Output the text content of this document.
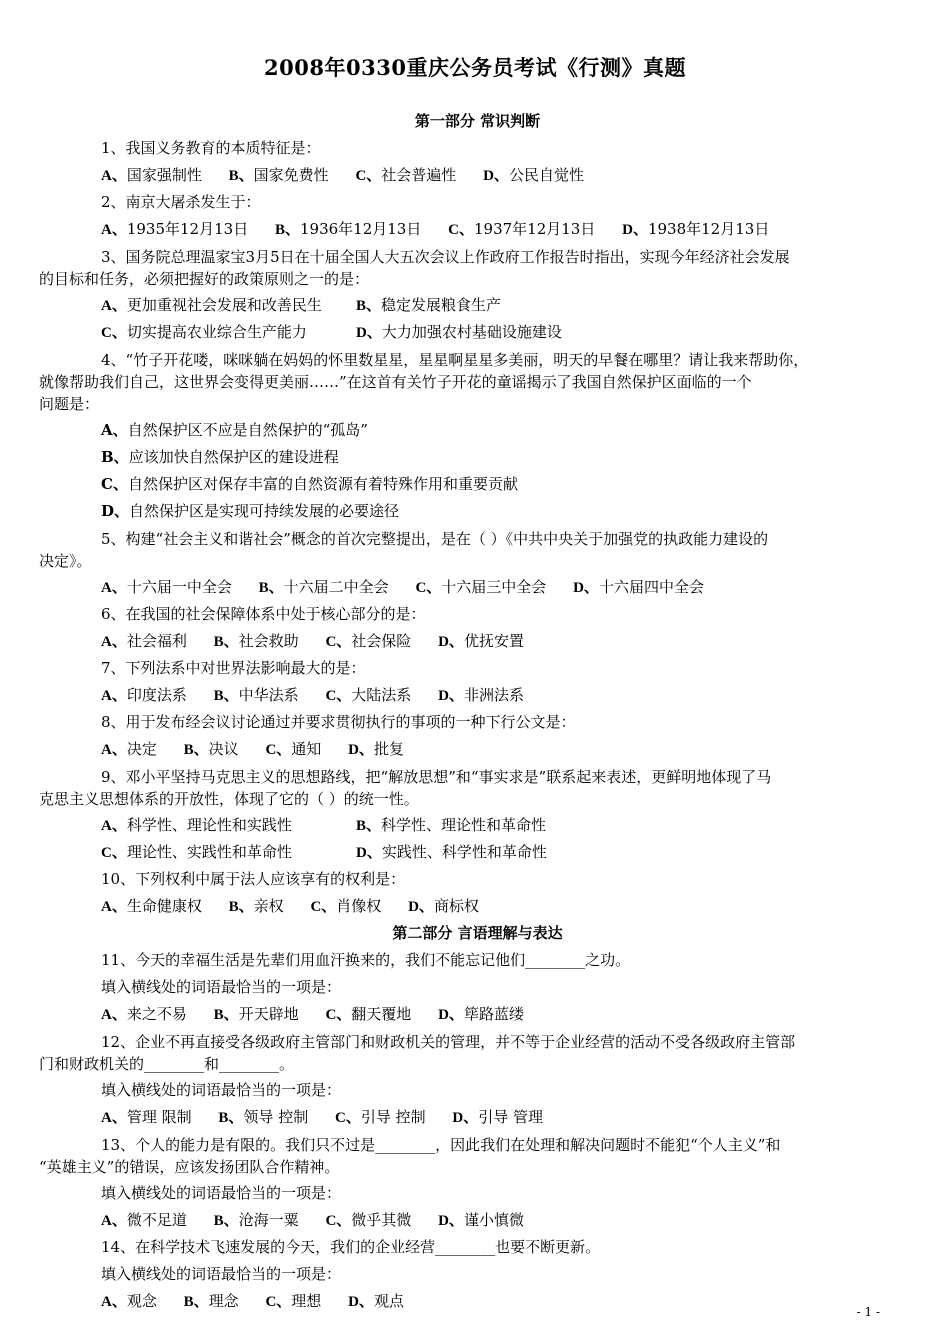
2008年0330重庆公务员考试《行测》真题
第一部分 常识判断

1、我国义务教育的本质特征是：

A、国家强制性 B、国家免费性 C、社会普遍性 D、公民自觉性

2、南京大屠杀发生于：

A、1935年12月13日 B、1936年12月13日 C、1937年12月13日 D、1938年12月13日

3、国务院总理温家宝3月5日在十届全国人大五次会议上作政府工作报告时指出，实现今年经济社会发展
的目标和任务，必须把握好的政策原则之一的是：

A、更加重视社会发展和改善民生 B、稳定发展粮食生产
C、切实提高农业综合生产能力	D、大力加强农村基础设施建设

4、“竹子开花喽，咪咪躺在妈妈的怀里数星星，星星啊星星多美丽，明天的早餐在哪里？请让我来帮助你，
就像帮助我们自己，这世界会变得更美丽……”在这首有关竹子开花的童谣揭示了我国自然保护区面临的一个
问题是：

A、自然保护区不应是自然保护的“孤岛”
B、应该加快自然保护区的建设进程
C、自然保护区对保存丰富的自然资源有着特殊作用和重要贡献
D、自然保护区是实现可持续发展的必要途径

5、构建“社会主义和谐社会”概念的首次完整提出，是在（ ）《中共中央关于加强党的执政能力建设的
决定》。

A、十六届一中全会 B、十六届二中全会 C、十六届三中全会 D、十六届四中全会

6、在我国的社会保障体系中处于核心部分的是：

A、社会福利 B、社会救助 C、社会保险 D、优抚安置

7、下列法系中对世界法影响最大的是：

A、印度法系 B、中华法系 C、大陆法系 D、非洲法系

8、用于发布经会议讨论通过并要求贯彻执行的事项的一种下行公文是：

A、决定 B、决议 C、通知 D、批复

9、邓小平坚持马克思主义的思想路线，把“解放思想”和“事实求是”联系起来表述，更鲜明地体现了马
克思主义思想体系的开放性，体现了它的（ ）的统一性。

A、科学性、理论性和实践性	B、科学性、理论性和革命性
C、理论性、实践性和革命性	D、实践性、科学性和革命性

10、下列权利中属于法人应该享有的权利是：

A、生命健康权 B、亲权 C、肖像权 D、商标权
第二部分 言语理解与表达

11、今天的幸福生活是先辈们用血汗换来的，我们不能忘记他们________之功。

填入横线处的词语最恰当的一项是：

A、来之不易 B、开天辟地 C、翻天覆地 D、筚路蓝缕

12、企业不再直接受各级政府主管部门和财政机关的管理，并不等于企业经营的活动不受各级政府主管部
门和财政机关的________和________。

填入横线处的词语最恰当的一项是：

A、管理 限制 B、领导 控制 C、引导 控制 D、引导 管理

13、个人的能力是有限的。我们只不过是________，因此我们在处理和解决问题时不能犯“个人主义”和
“英雄主义”的错误，应该发扬团队合作精神。

填入横线处的词语最恰当的一项是：

A、微不足道 B、沧海一粟 C、微乎其微 D、谨小慎微

14、在科学技术飞速发展的今天，我们的企业经营________也要不断更新。

填入横线处的词语最恰当的一项是：

A、观念 B、理念 C、理想 D、观点
- 1 -
